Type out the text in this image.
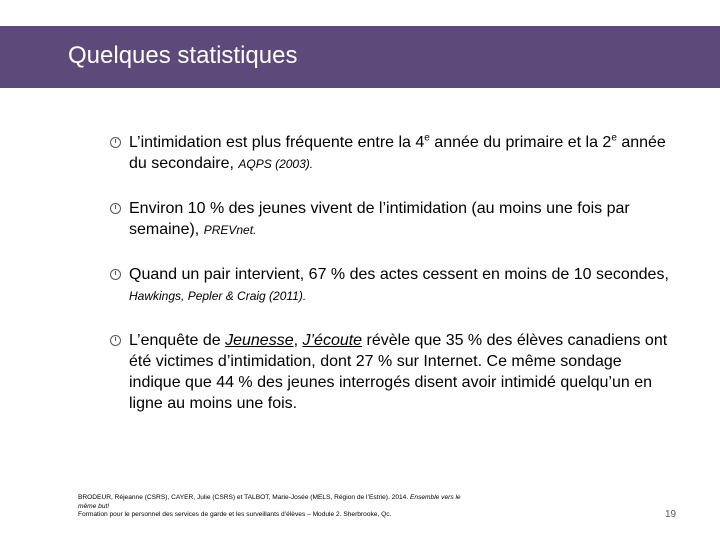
Quelques statistiques
L’intimidation est plus fréquente entre la 4e année du primaire et la 2e année du secondaire, AQPS (2003).
Environ 10 % des jeunes vivent de l’intimidation (au moins une fois par semaine), PREVnet.
Quand un pair intervient, 67 % des actes cessent en moins de 10 secondes, Hawkings, Pepler & Craig (2011).
L’enquête de Jeunesse, J’écoute révèle que 35 % des élèves canadiens ont été victimes d’intimidation, dont 27 % sur Internet. Ce même sondage indique que 44 % des jeunes interrogés disent avoir intimidé quelqu’un en ligne au moins une fois.
BRODEUR, Réjeanne (CSRS), CAYER, Julie (CSRS) et TALBOT, Marie-Josée (MELS, Région de l’Estrie). 2014. Ensemble vers le
même but!
Formation pour le personnel des services de garde et les surveillants d’élèves – Module 2. Sherbrooke, Qc.	19
